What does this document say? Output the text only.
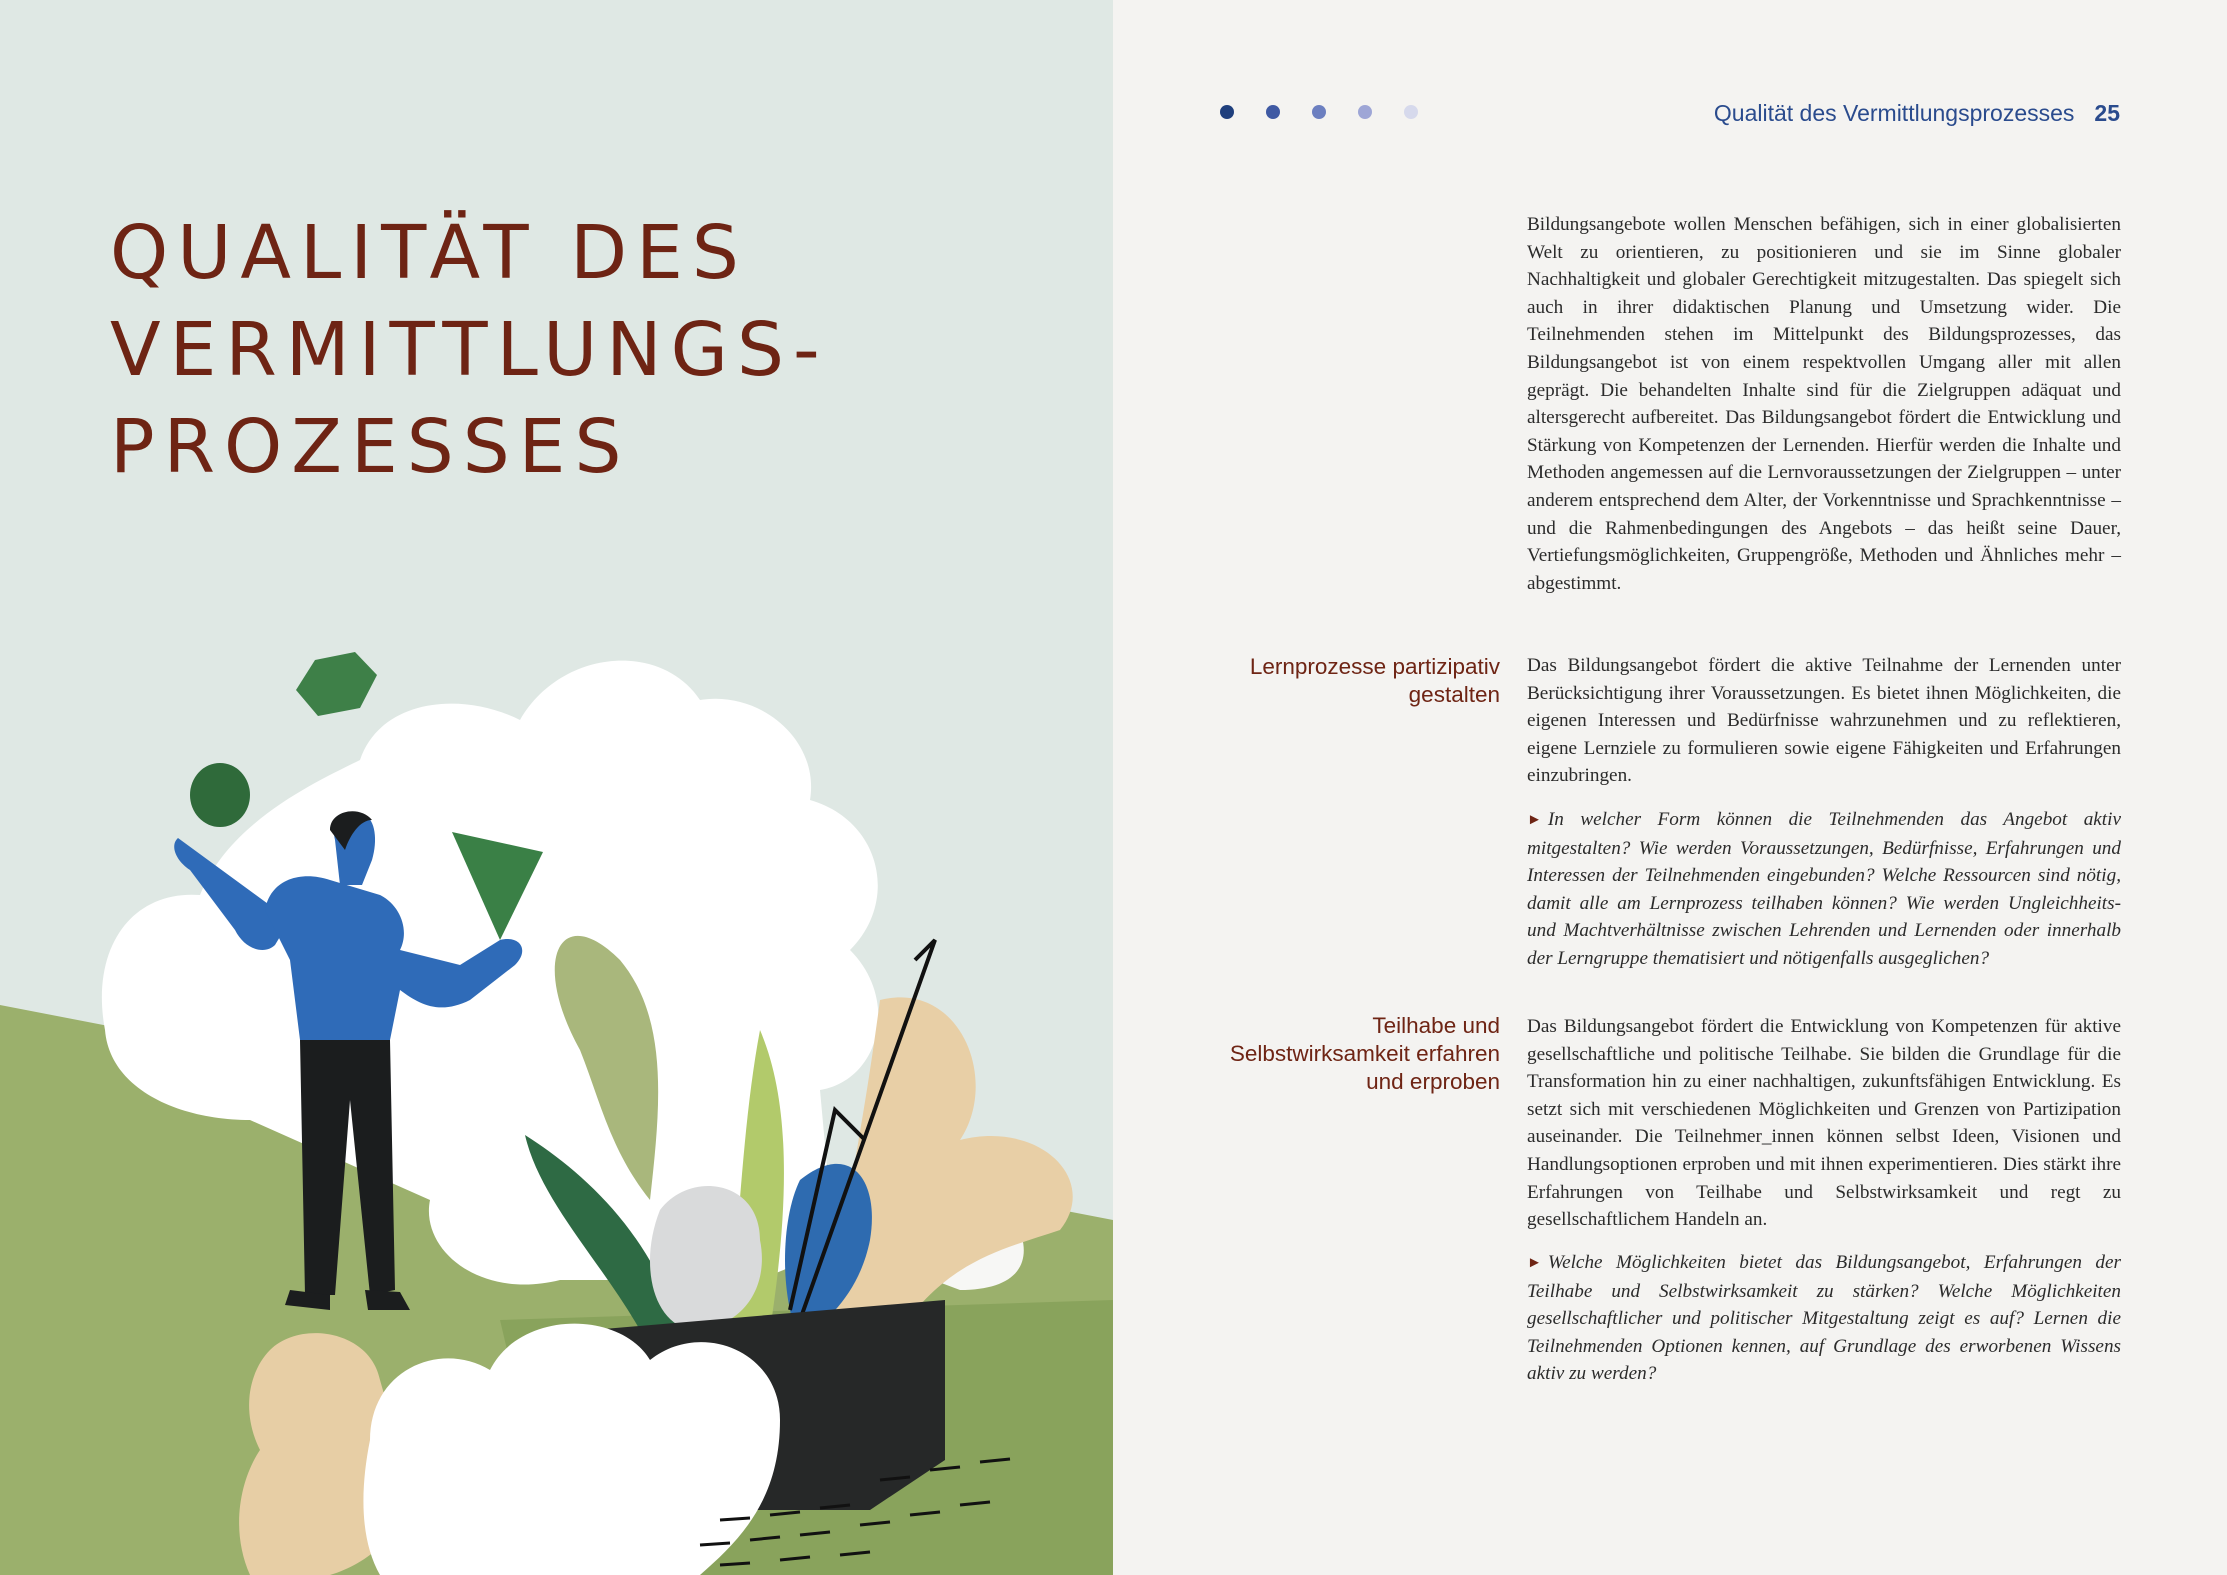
QUALITÄT DES
VERMITTLUNGS-
PROZESSES
Qualität des Vermittlungsprozesses 25

Bildungsangebote wollen Menschen befähigen, sich in einer globalisierten Welt zu orientieren, zu positionieren und sie im Sinne globaler Nachhaltigkeit und globaler Gerechtigkeit mitzugestalten. Das spiegelt sich auch in ihrer didaktischen Planung und Umsetzung wider. Die Teilnehmenden stehen im Mittelpunkt des Bildungsprozesses, das Bildungsangebot ist von einem respektvollen Umgang aller mit allen geprägt. Die behandelten Inhalte sind für die Zielgruppen adäquat und altersgerecht aufbereitet. Das Bildungsangebot fördert die Entwicklung und Stärkung von Kompetenzen der Lernenden. Hierfür werden die Inhalte und Methoden angemessen auf die Lernvoraussetzungen der Zielgruppen – unter anderem entsprechend dem Alter, der Vorkenntnisse und Sprachkenntnisse – und die Rahmenbedingungen des Angebots – das heißt seine Dauer, Vertiefungsmöglichkeiten, Gruppengröße, Methoden und Ähnliches mehr – abgestimmt.

Lernprozesse partizipativ gestalten

Das Bildungsangebot fördert die aktive Teilnahme der Lernenden unter Berücksichtigung ihrer Voraussetzungen. Es bietet ihnen Möglichkeiten, die eigenen Interessen und Bedürfnisse wahrzunehmen und zu reflektieren, eigene Lernziele zu formulieren sowie eigene Fähigkeiten und Erfahrungen einzubringen.

► In welcher Form können die Teilnehmenden das Angebot aktiv mitgestalten? Wie werden Voraussetzungen, Bedürfnisse, Erfahrungen und Interessen der Teilnehmenden eingebunden? Welche Ressourcen sind nötig, damit alle am Lernprozess teilhaben können? Wie werden Ungleichheits- und Machtverhältnisse zwischen Lehrenden und Lernenden oder innerhalb der Lerngruppe thematisiert und nötigenfalls ausgeglichen?

Teilhabe und Selbstwirksamkeit erfahren und erproben

Das Bildungsangebot fördert die Entwicklung von Kompetenzen für aktive gesellschaftliche und politische Teilhabe. Sie bilden die Grundlage für die Transformation hin zu einer nachhaltigen, zukunftsfähigen Entwicklung. Es setzt sich mit verschiedenen Möglichkeiten und Grenzen von Partizipation auseinander. Die Teilnehmer_innen können selbst Ideen, Visionen und Handlungsoptionen erproben und mit ihnen experimentieren. Dies stärkt ihre Erfahrungen von Teilhabe und Selbstwirksamkeit und regt zu gesellschaftlichem Handeln an.

► Welche Möglichkeiten bietet das Bildungsangebot, Erfahrungen der Teilhabe und Selbstwirksamkeit zu stärken? Welche Möglichkeiten gesellschaftlicher und politischer Mitgestaltung zeigt es auf? Lernen die Teilnehmenden Optionen kennen, auf Grundlage des erworbenen Wissens aktiv zu werden?
